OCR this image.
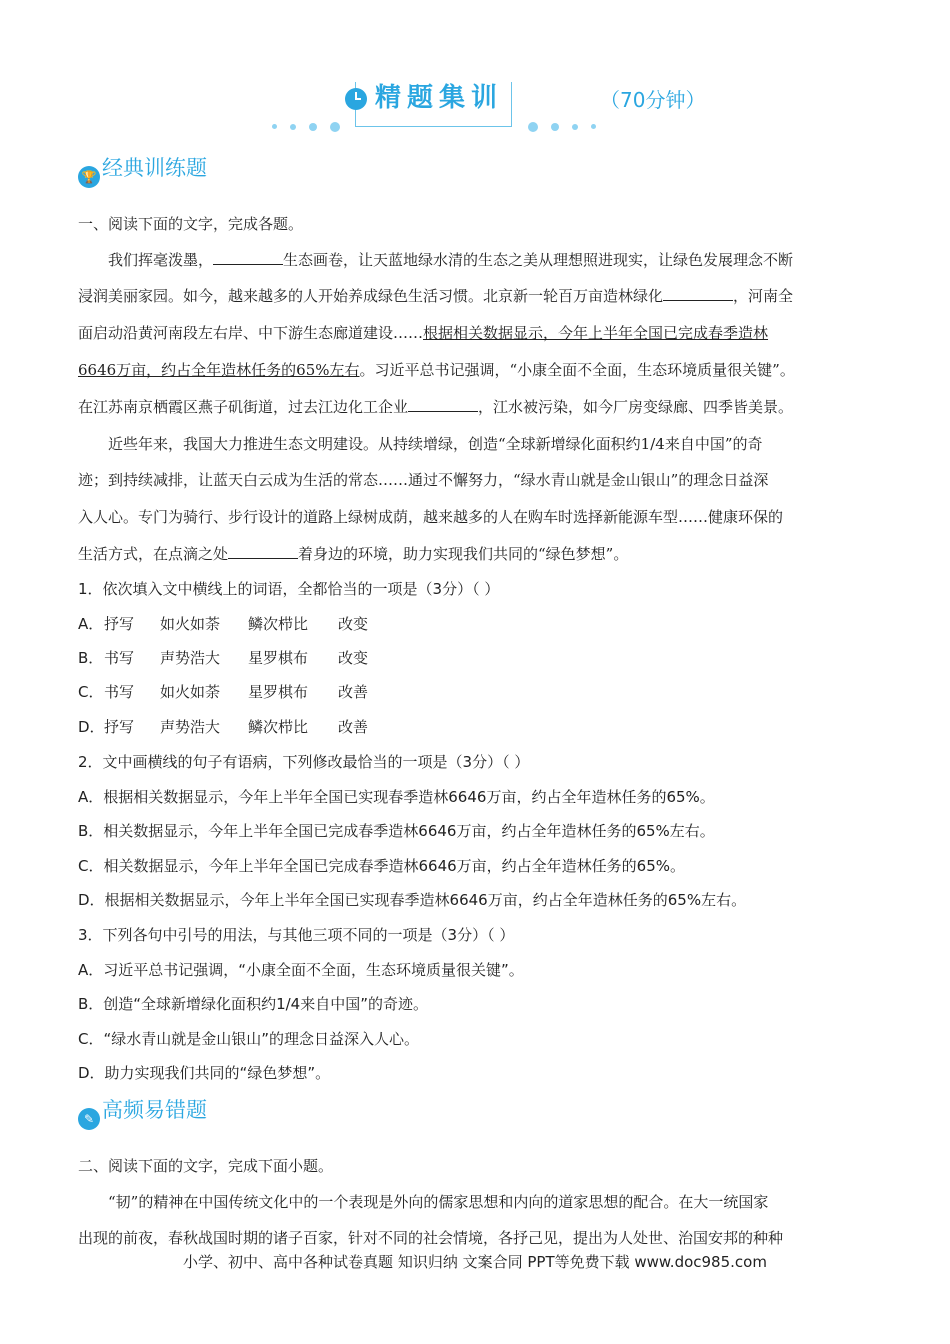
精题集训
	（70分钟）
🏆 经典训练题
一、阅读下面的文字，完成各题。
我们挥毫泼墨，	生态画卷，让天蓝地绿水清的生态之美从理想照进现实，让绿色发展理念不断
浸润美丽家园。如今，越来越多的人开始养成绿色生活习惯。北京新一轮百万亩造林绿化	，河南全
面启动沿黄河南段左右岸、中下游生态廊道建设……根据相关数据显示，今年上半年全国已完成春季造林
6646万亩，约占全年造林任务的65%左右。习近平总书记强调，“小康全面不全面，生态环境质量很关键”。
在江苏南京栖霞区燕子矶街道，过去江边化工企业	，江水被污染，如今厂房变绿廊、四季皆美景。
近些年来，我国大力推进生态文明建设。从持续增绿，创造“全球新增绿化面积约1/4来自中国”的奇
迹；到持续减排，让蓝天白云成为生活的常态……通过不懈努力，“绿水青山就是金山银山”的理念日益深
入人心。专门为骑行、步行设计的道路上绿树成荫，越来越多的人在购车时选择新能源车型……健康环保的
生活方式，在点滴之处	着身边的环境，助力实现我们共同的“绿色梦想”。
1．依次填入文中横线上的词语，全都恰当的一项是（3分）（ ）
A．抒写 如火如荼 鳞次栉比 改变
B．书写 声势浩大 星罗棋布 改变
C．书写 如火如荼 星罗棋布 改善
D．抒写 声势浩大 鳞次栉比 改善
2．文中画横线的句子有语病，下列修改最恰当的一项是（3分）（ ）
A．根据相关数据显示，今年上半年全国已实现春季造林6646万亩，约占全年造林任务的65%。
B．相关数据显示，今年上半年全国已完成春季造林6646万亩，约占全年造林任务的65%左右。
C．相关数据显示，今年上半年全国已完成春季造林6646万亩，约占全年造林任务的65%。
D．根据相关数据显示，今年上半年全国已实现春季造林6646万亩，约占全年造林任务的65%左右。
3．下列各句中引号的用法，与其他三项不同的一项是（3分）（ ）
A．习近平总书记强调，“小康全面不全面，生态环境质量很关键”。
B．创造“全球新增绿化面积约1/4来自中国”的奇迹。
C．“绿水青山就是金山银山”的理念日益深入人心。
D．助力实现我们共同的“绿色梦想”。
✎ 高频易错题
二、阅读下面的文字，完成下面小题。
“韧”的精神在中国传统文化中的一个表现是外向的儒家思想和内向的道家思想的配合。在大一统国家
出现的前夜，春秋战国时期的诸子百家，针对不同的社会情境，各抒己见，提出为人处世、治国安邦的种种
小学、初中、高中各种试卷真题 知识归纳 文案合同 PPT等免费下载 www.doc985.com
